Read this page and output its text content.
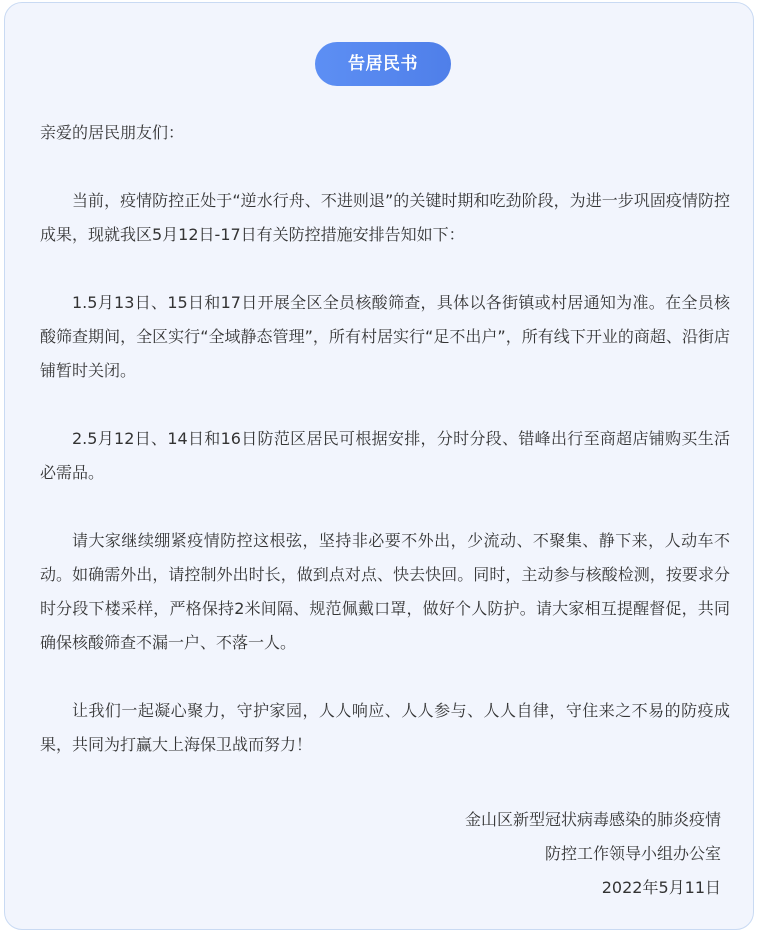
告居民书

亲爱的居民朋友们：

当前，疫情防控正处于“逆水行舟、不进则退”的关键时期和吃劲阶段，为进一步巩固疫情防控成果，现就我区5月12日-17日有关防控措施安排告知如下：

1.5月13日、15日和17日开展全区全员核酸筛查，具体以各街镇或村居通知为准。在全员核酸筛查期间，全区实行“全域静态管理”，所有村居实行“足不出户”，所有线下开业的商超、沿街店铺暂时关闭。

2.5月12日、14日和16日防范区居民可根据安排，分时分段、错峰出行至商超店铺购买生活必需品。

请大家继续绷紧疫情防控这根弦，坚持非必要不外出，少流动、不聚集、静下来，人动车不动。如确需外出，请控制外出时长，做到点对点、快去快回。同时，主动参与核酸检测，按要求分时分段下楼采样，严格保持2米间隔、规范佩戴口罩，做好个人防护。请大家相互提醒督促，共同确保核酸筛查不漏一户、不落一人。

让我们一起凝心聚力，守护家园，人人响应、人人参与、人人自律，守住来之不易的防疫成果，共同为打赢大上海保卫战而努力！

金山区新型冠状病毒感染的肺炎疫情

防控工作领导小组办公室

2022年5月11日
